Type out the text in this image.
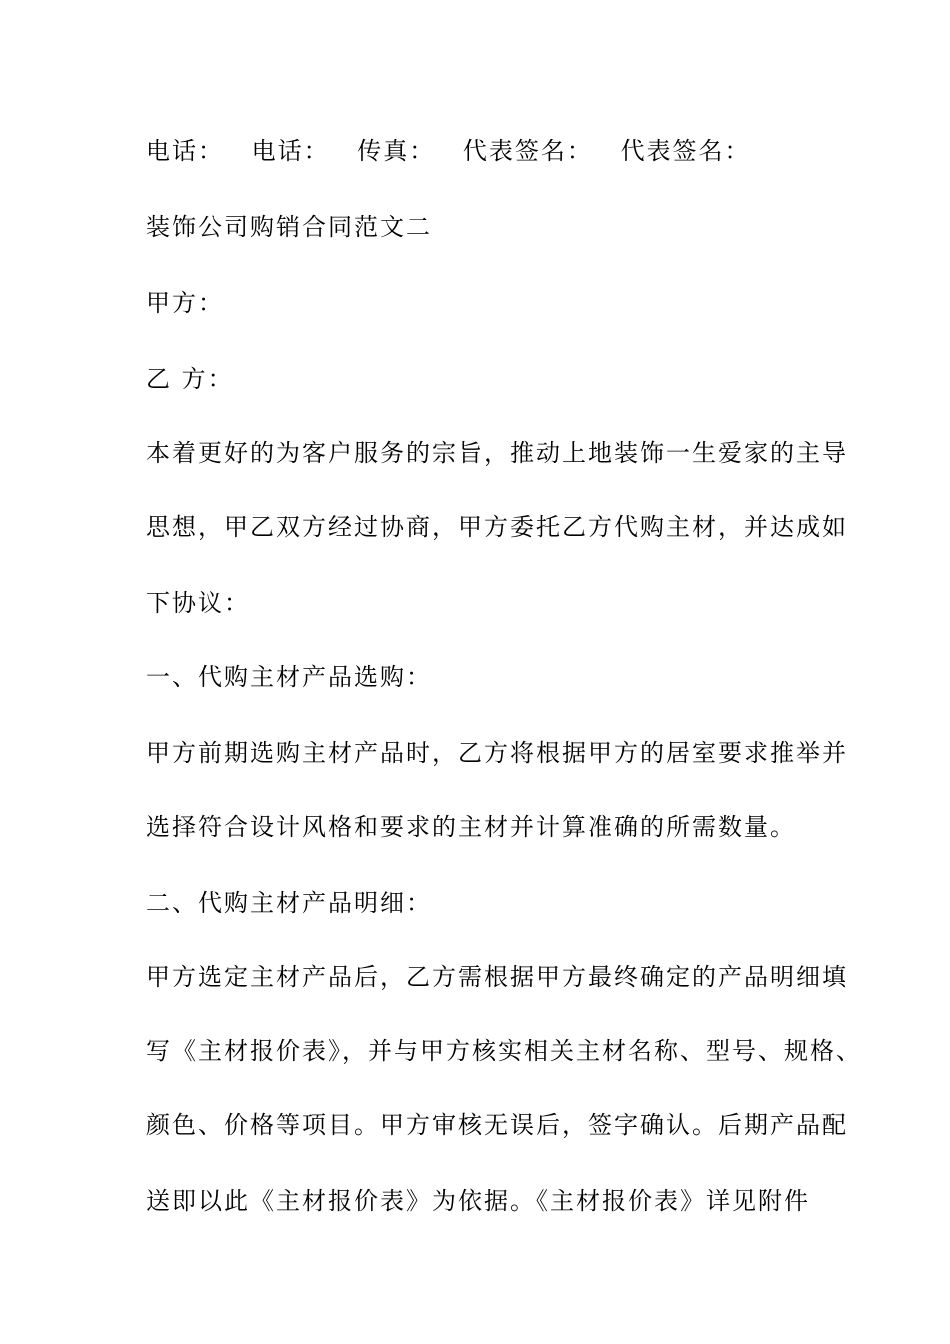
电话： 电话： 传真： 代表签名： 代表签名：
装饰公司购销合同范文二
甲方：
乙 方：
本着更好的为客户服务的宗旨，推动上地装饰一生爱家的主导
思想，甲乙双方经过协商，甲方委托乙方代购主材，并达成如
下协议：
一、代购主材产品选购：
甲方前期选购主材产品时，乙方将根据甲方的居室要求推举并
选择符合设计风格和要求的主材并计算准确的所需数量。
二、代购主材产品明细：
甲方选定主材产品后，乙方需根据甲方最终确定的产品明细填
写《主材报价表》，并与甲方核实相关主材名称、型号、规格、
颜色、价格等项目。甲方审核无误后，签字确认。后期产品配
送即以此《主材报价表》为依据。《主材报价表》详见附件
